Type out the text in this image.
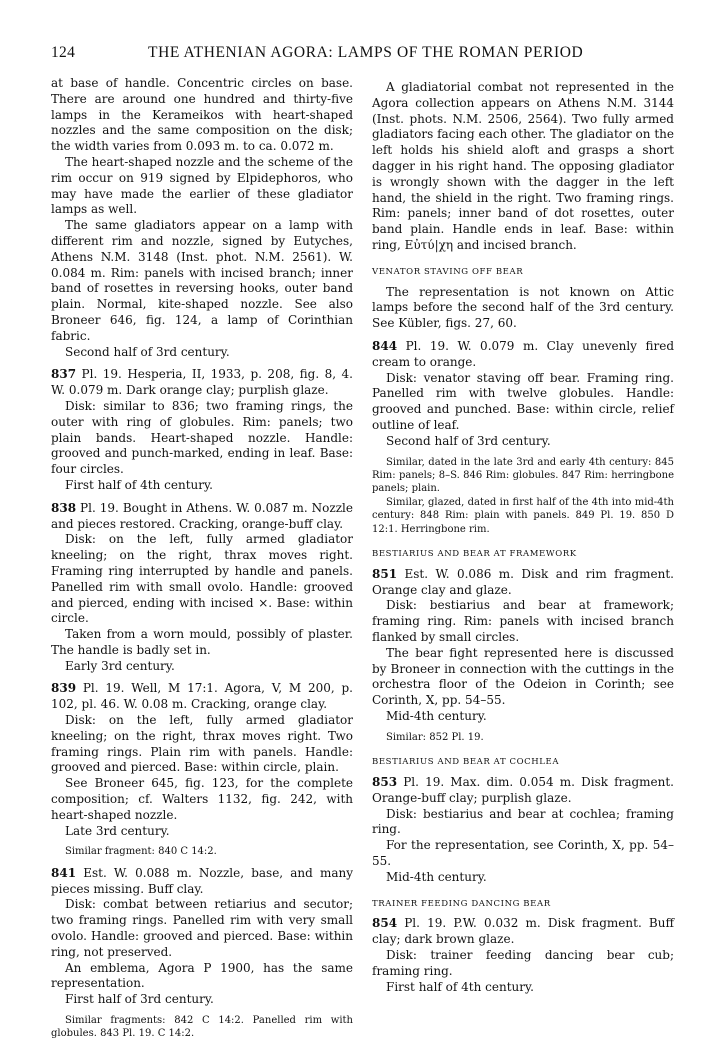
124	THE ATHENIAN AGORA: LAMPS OF THE ROMAN PERIOD

at base of handle. Concentric circles on base. There are around one hundred and thirty-five lamps in the Kerameikos with heart-shaped nozzles and the same composition on the disk; the width varies from 0.093 m. to ca. 0.072 m.

The heart-shaped nozzle and the scheme of the rim occur on 919 signed by Elpidephoros, who may have made the earlier of these gladiator lamps as well.

The same gladiators appear on a lamp with different rim and nozzle, signed by Eutyches, Athens N.M. 3148 (Inst. phot. N.M. 2561). W. 0.084 m. Rim: panels with incised branch; inner band of rosettes in reversing hooks, outer band plain. Normal, kite-shaped nozzle. See also Broneer 646, fig. 124, a lamp of Corinthian fabric.

Second half of 3rd century.

837 Pl. 19. Hesperia, II, 1933, p. 208, fig. 8, 4. W. 0.079 m. Dark orange clay; purplish glaze.

Disk: similar to 836; two framing rings, the outer with ring of globules. Rim: panels; two plain bands. Heart-shaped nozzle. Handle: grooved and punch-marked, ending in leaf. Base: four circles.

First half of 4th century.

838 Pl. 19. Bought in Athens. W. 0.087 m. Nozzle and pieces restored. Cracking, orange-buff clay.

Disk: on the left, fully armed gladiator kneeling; on the right, thrax moves right. Framing ring interrupted by handle and panels. Panelled rim with small ovolo. Handle: grooved and pierced, ending with incised ×. Base: within circle.

Taken from a worn mould, possibly of plaster. The handle is badly set in.

Early 3rd century.

839 Pl. 19. Well, M 17:1. Agora, V, M 200, p. 102, pl. 46. W. 0.08 m. Cracking, orange clay.

Disk: on the left, fully armed gladiator kneeling; on the right, thrax moves right. Two framing rings. Plain rim with panels. Handle: grooved and pierced. Base: within circle, plain.

See Broneer 645, fig. 123, for the complete composition; cf. Walters 1132, fig. 242, with heart-shaped nozzle.

Late 3rd century.

Similar fragment: 840 C 14:2.

841 Est. W. 0.088 m. Nozzle, base, and many pieces missing. Buff clay.

Disk: combat between retiarius and secutor; two framing rings. Panelled rim with very small ovolo. Handle: grooved and pierced. Base: within ring, not preserved.

An emblema, Agora P 1900, has the same representation.

First half of 3rd century.

Similar fragments: 842 C 14:2. Panelled rim with globules. 843 Pl. 19. C 14:2.

A gladiatorial combat not represented in the Agora collection appears on Athens N.M. 3144 (Inst. phots. N.M. 2506, 2564). Two fully armed gladiators facing each other. The gladiator on the left holds his shield aloft and grasps a short dagger in his right hand. The opposing gladiator is wrongly shown with the dagger in the left hand, the shield in the right. Two framing rings. Rim: panels; inner band of dot rosettes, outer band plain. Handle ends in leaf. Base: within ring, Εὐτύ|χη and incised branch.

VENATOR STAVING OFF BEAR

The representation is not known on Attic lamps before the second half of the 3rd century. See Kübler, figs. 27, 60.

844 Pl. 19. W. 0.079 m. Clay unevenly fired cream to orange.

Disk: venator staving off bear. Framing ring. Panelled rim with twelve globules. Handle: grooved and punched. Base: within circle, relief outline of leaf.

Second half of 3rd century.

Similar, dated in the late 3rd and early 4th century: 845 Rim: panels; 8–S. 846 Rim: globules. 847 Rim: herringbone panels; plain.

Similar, glazed, dated in first half of the 4th into mid-4th century: 848 Rim: plain with panels. 849 Pl. 19. 850 D 12:1. Herringbone rim.

BESTIARIUS AND BEAR AT FRAMEWORK

851 Est. W. 0.086 m. Disk and rim fragment. Orange clay and glaze.

Disk: bestiarius and bear at framework; framing ring. Rim: panels with incised branch flanked by small circles.

The bear fight represented here is discussed by Broneer in connection with the cuttings in the orchestra floor of the Odeion in Corinth; see Corinth, X, pp. 54–55.

Mid-4th century.

Similar: 852 Pl. 19.

BESTIARIUS AND BEAR AT COCHLEA

853 Pl. 19. Max. dim. 0.054 m. Disk fragment. Orange-buff clay; purplish glaze.

Disk: bestiarius and bear at cochlea; framing ring.

For the representation, see Corinth, X, pp. 54–55.

Mid-4th century.

TRAINER FEEDING DANCING BEAR

854 Pl. 19. P.W. 0.032 m. Disk fragment. Buff clay; dark brown glaze.

Disk: trainer feeding dancing bear cub; framing ring.

First half of 4th century.
